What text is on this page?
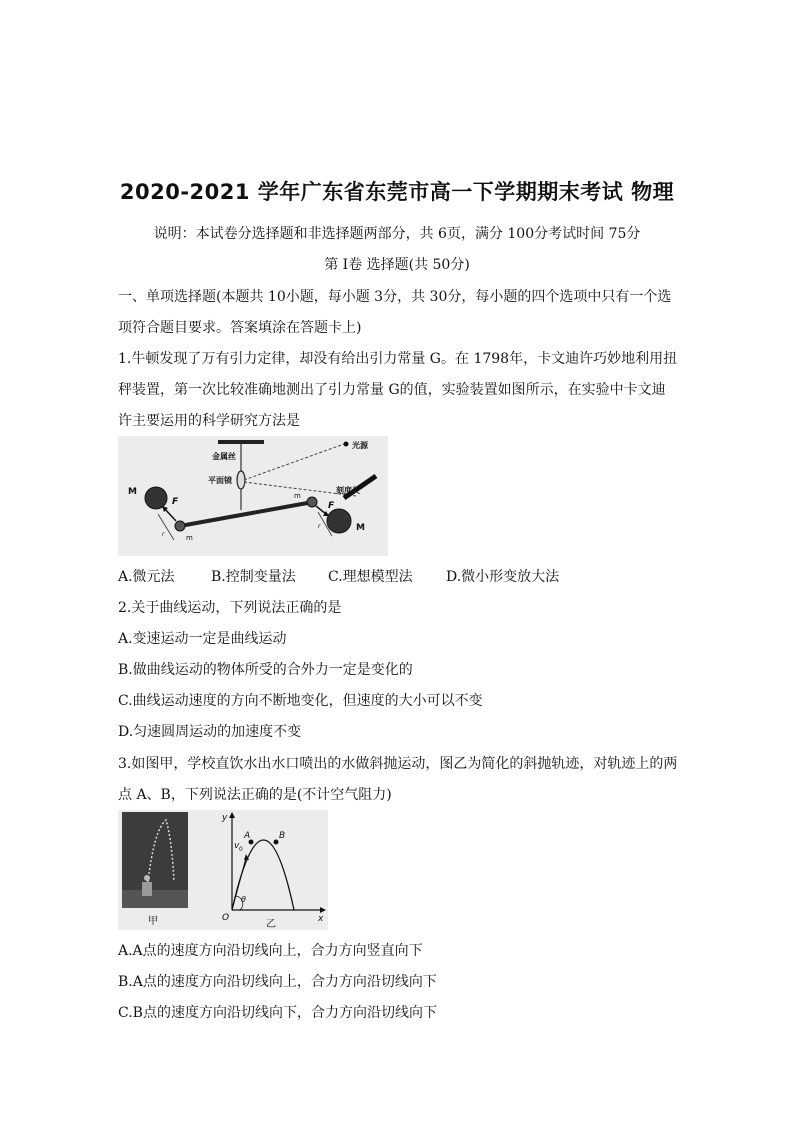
2020-2021 学年广东省东莞市高一下学期期末考试 物理
说明：本试卷分选择题和非选择题两部分，共 6页，满分 100分考试时间 75分
第 I卷 选择题(共 50分)
一、单项选择题(本题共 10小题，每小题 3分，共 30分，每小题的四个选项中只有一个选
项符合题目要求。答案填涂在答题卡上)
1.牛顿发现了万有引力定律，却没有给出引力常量 G。在 1798年，卡文迪许巧妙地利用扭
秤装置，第一次比较准确地测出了引力常量 G的值，实验装置如图所示，在实验中卡文迪
许主要运用的科学研究方法是
金属丝
平面镜
光源
刻度尺
M
M
m
m
F	F
r
r
A.微元法	B.控制变量法 C.理想模型法 D.微小形变放大法
2.关于曲线运动，下列说法正确的是
A.变速运动一定是曲线运动
B.做曲线运动的物体所受的合外力一定是变化的
C.曲线运动速度的方向不断地变化，但速度的大小可以不变
D.匀速圆周运动的加速度不变
3.如图甲，学校直饮水出水口喷出的水做斜抛运动，图乙为简化的斜抛轨迹，对轨迹上的两
点 A、B，下列说法正确的是(不计空气阻力)
甲
y
x
O
v 0
θ
A	B
乙
A.A点的速度方向沿切线向上，合力方向竖直向下
B.A点的速度方向沿切线向上，合力方向沿切线向下
C.B点的速度方向沿切线向下，合力方向沿切线向下
